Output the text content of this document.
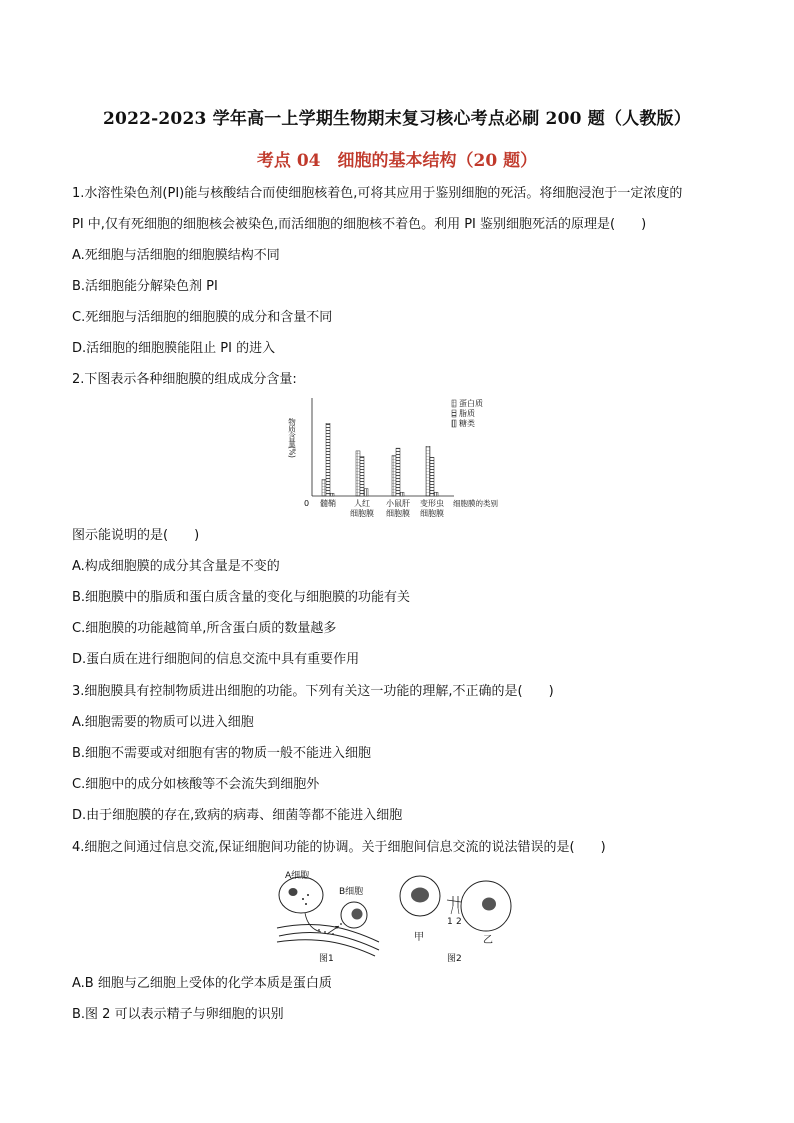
2022-2023 学年高一上学期生物期末复习核心考点必刷 200 题（人教版）
考点 04　细胞的基本结构（20 题）
1.水溶性染色剂(PI)能与核酸结合而使细胞核着色,可将其应用于鉴别细胞的死活。将细胞浸泡于一定浓度的
PI 中,仅有死细胞的细胞核会被染色,而活细胞的细胞核不着色。利用 PI 鉴别细胞死活的原理是(　　)
A.死细胞与活细胞的细胞膜结构不同
B.活细胞能分解染色剂 PI
C.死细胞与活细胞的细胞膜的成分和含量不同
D.活细胞的细胞膜能阻止 PI 的进入
2.下图表示各种细胞膜的组成成分含量:
0
物质含量(%)
细胞膜的类别
髓鞘 人红
细胞膜
小鼠肝
细胞膜
变形虫
细胞膜
蛋白质
脂质
糖类
图示能说明的是(　　)
A.构成细胞膜的成分其含量是不变的
B.细胞膜中的脂质和蛋白质含量的变化与细胞膜的功能有关
C.细胞膜的功能越简单,所含蛋白质的数量越多
D.蛋白质在进行细胞间的信息交流中具有重要作用
3.细胞膜具有控制物质进出细胞的功能。下列有关这一功能的理解,不正确的是(　　)
A.细胞需要的物质可以进入细胞
B.细胞不需要或对细胞有害的物质一般不能进入细胞
C.细胞中的成分如核酸等不会流失到细胞外
D.由于细胞膜的存在,致病的病毒、细菌等都不能进入细胞
4.细胞之间通过信息交流,保证细胞间功能的协调。关于细胞间信息交流的说法错误的是(　　)
A细胞
B细胞
图1
1 2
甲	乙
图2
A.B 细胞与乙细胞上受体的化学本质是蛋白质
B.图 2 可以表示精子与卵细胞的识别
